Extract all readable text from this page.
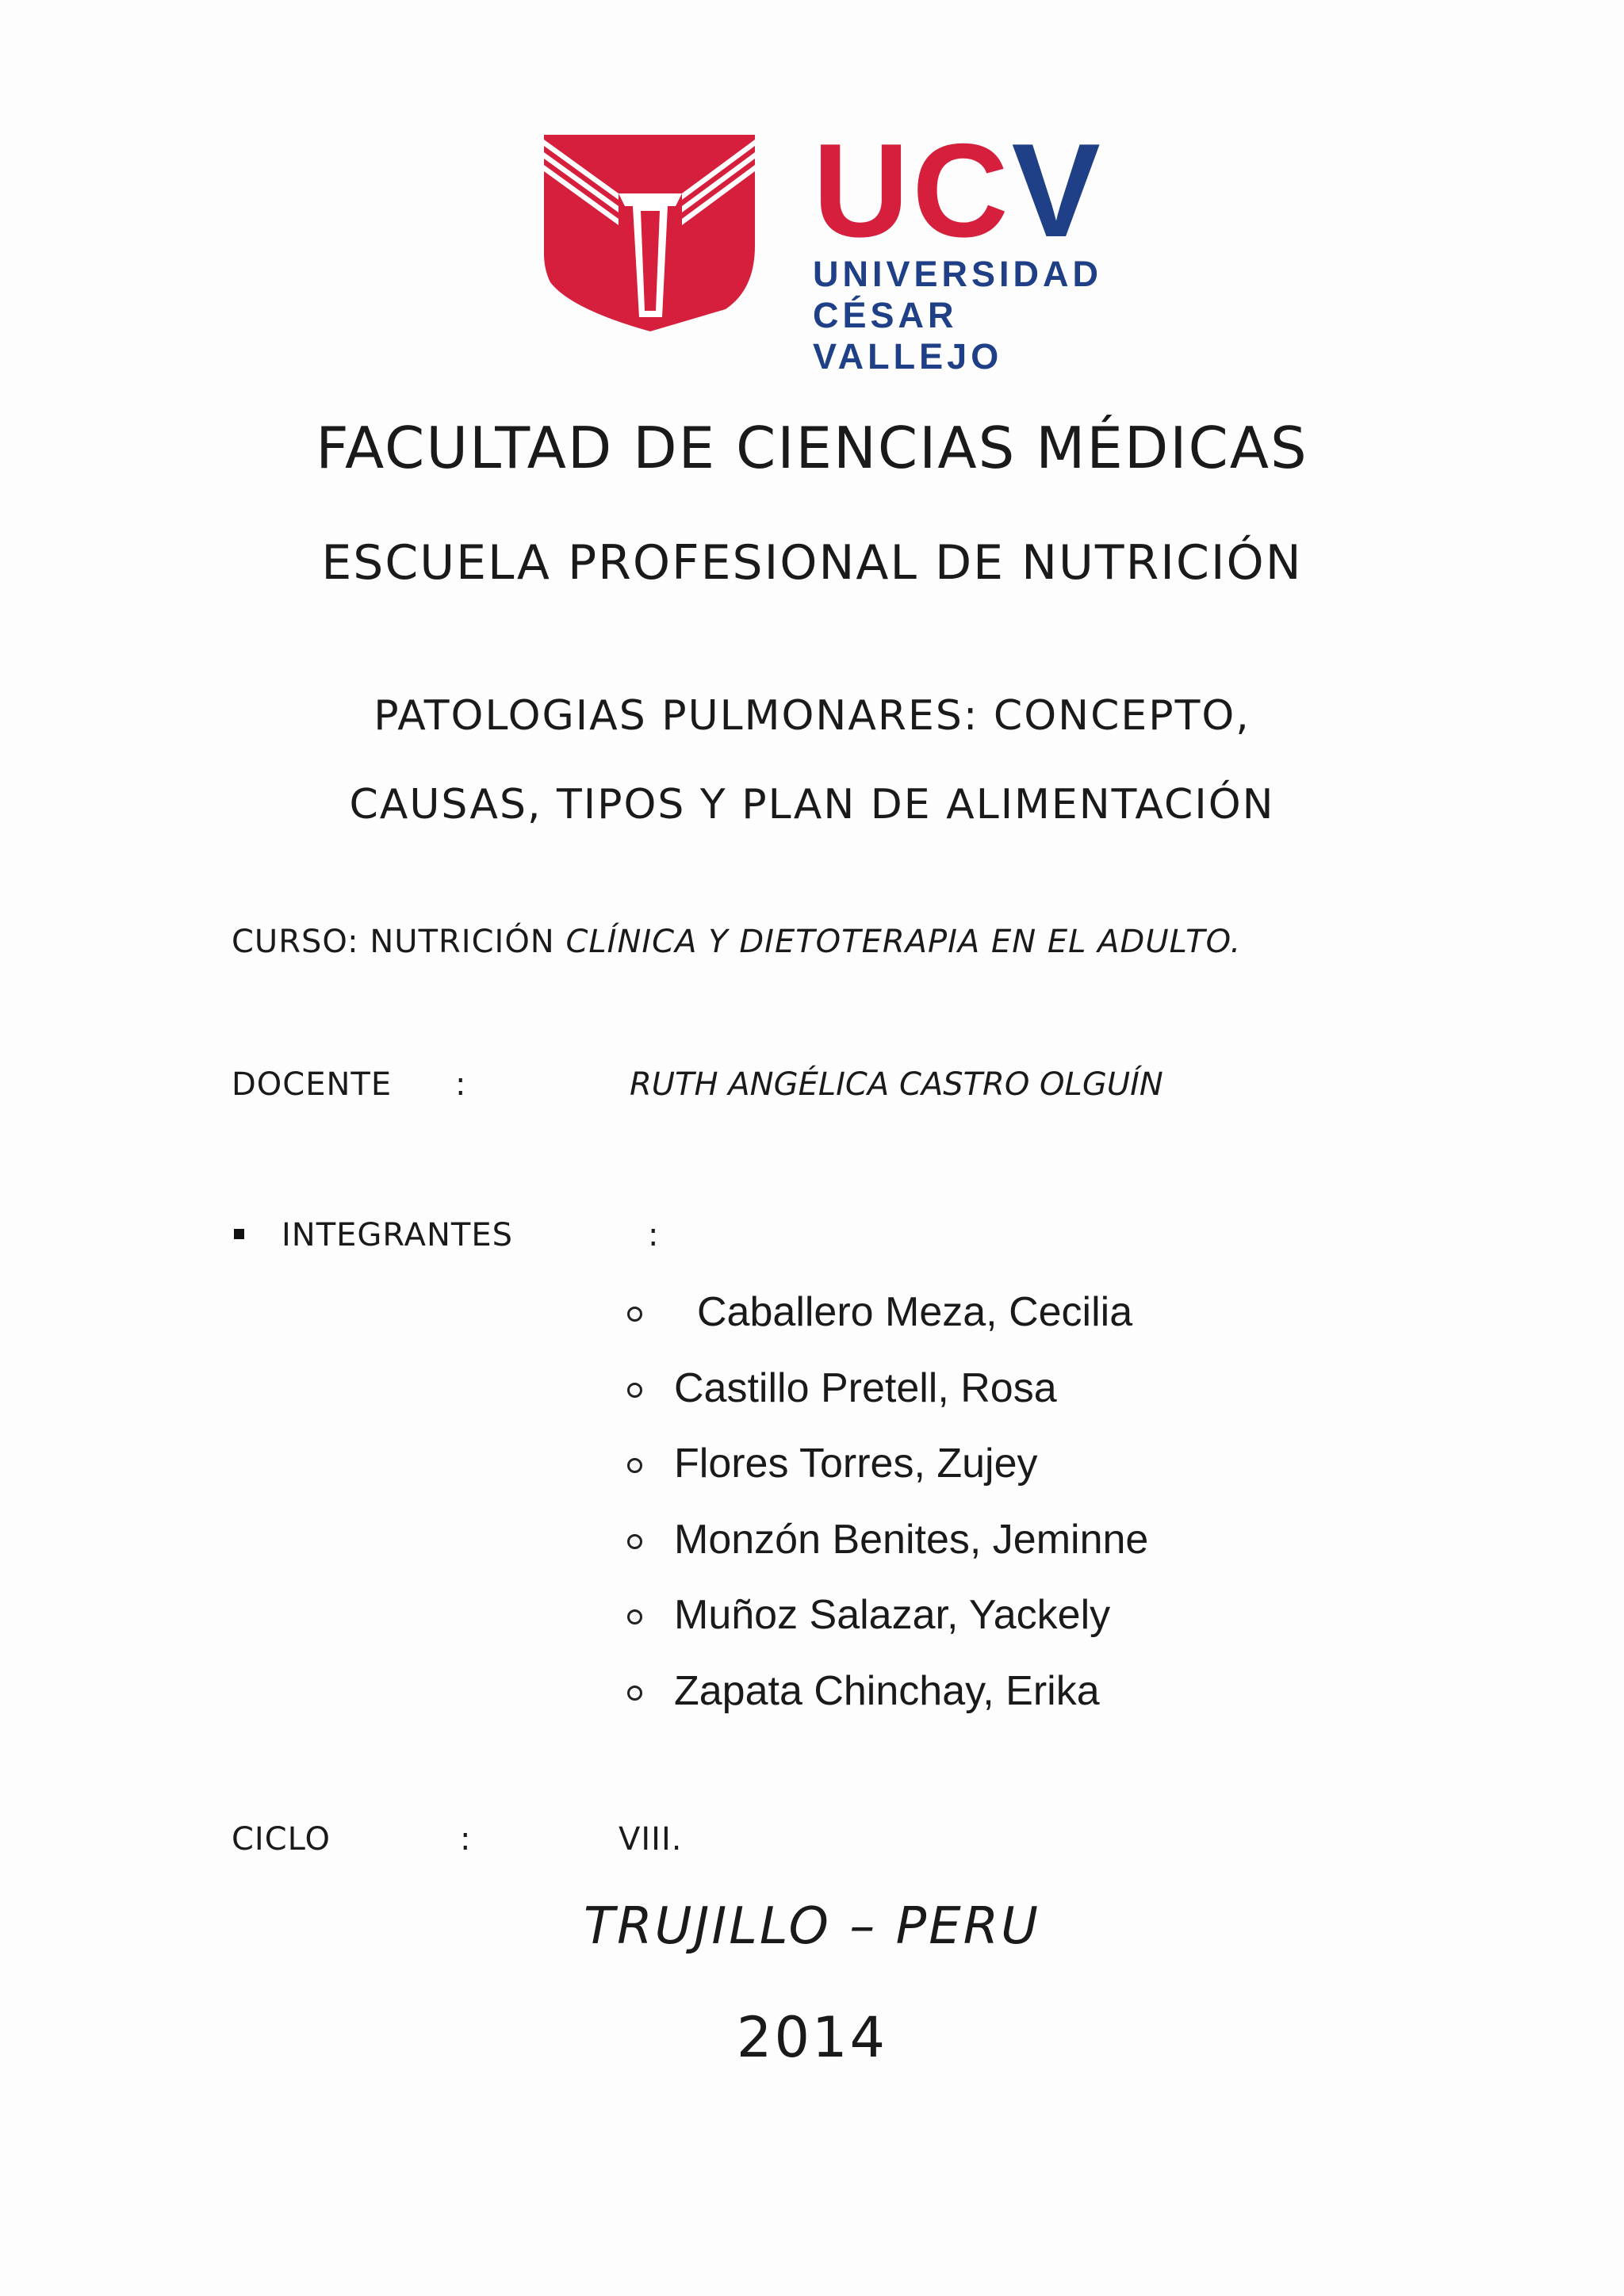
UCV
UNIVERSIDAD
CÉSAR VALLEJO
FACULTAD DE CIENCIAS MÉDICAS
ESCUELA PROFESIONAL DE NUTRICIÓN
PATOLOGIAS PULMONARES: CONCEPTO,
CAUSAS, TIPOS Y PLAN DE ALIMENTACIÓN
CURSO: NUTRICIÓN CLÍNICA Y DIETOTERAPIA EN EL ADULTO.
DOCENTE :	RUTH ANGÉLICA CASTRO OLGUÍN
INTEGRANTES	:
Caballero Meza, Cecilia
Castillo Pretell, Rosa
Flores Torres, Zujey
Monzón Benites, Jeminne
Muñoz Salazar, Yackely
Zapata Chinchay, Erika
CICLO	:	VIII.
TRUJILLO – PERU
2014
